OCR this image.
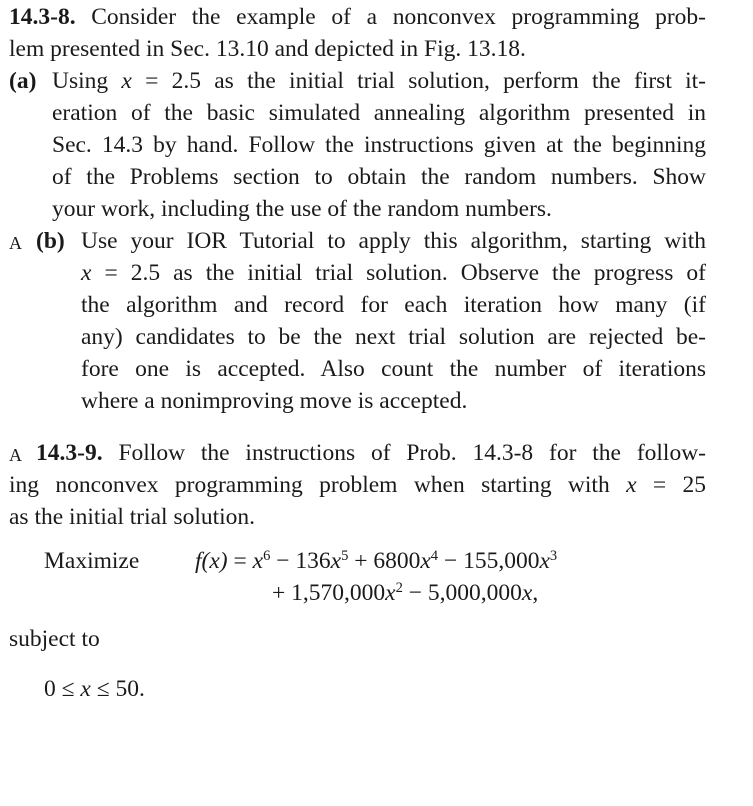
14.3-8. Consider the example of a nonconvex programming prob-
lem presented in Sec. 13.10 and depicted in Fig. 13.18.
(a) Using x = 2.5 as the initial trial solution, perform the first it-
eration of the basic simulated annealing algorithm presented in
Sec. 14.3 by hand. Follow the instructions given at the beginning
of the Problems section to obtain the random numbers. Show
your work, including the use of the random numbers.
A (b) Use your IOR Tutorial to apply this algorithm, starting with
x = 2.5 as the initial trial solution. Observe the progress of
the algorithm and record for each iteration how many (if
any) candidates to be the next trial solution are rejected be-
fore one is accepted. Also count the number of iterations
where a nonimproving move is accepted.
A 14.3-9. Follow the instructions of Prob. 14.3-8 for the follow-
ing nonconvex programming problem when starting with x = 25
as the initial trial solution.
Maximize $f(x) = x^6 - 136x^5 + 6800x^4 - 155,000x^3$
+ $1,570,000x^2 - 5,000,000x$,
subject to
0 ≤ x ≤ 50.
